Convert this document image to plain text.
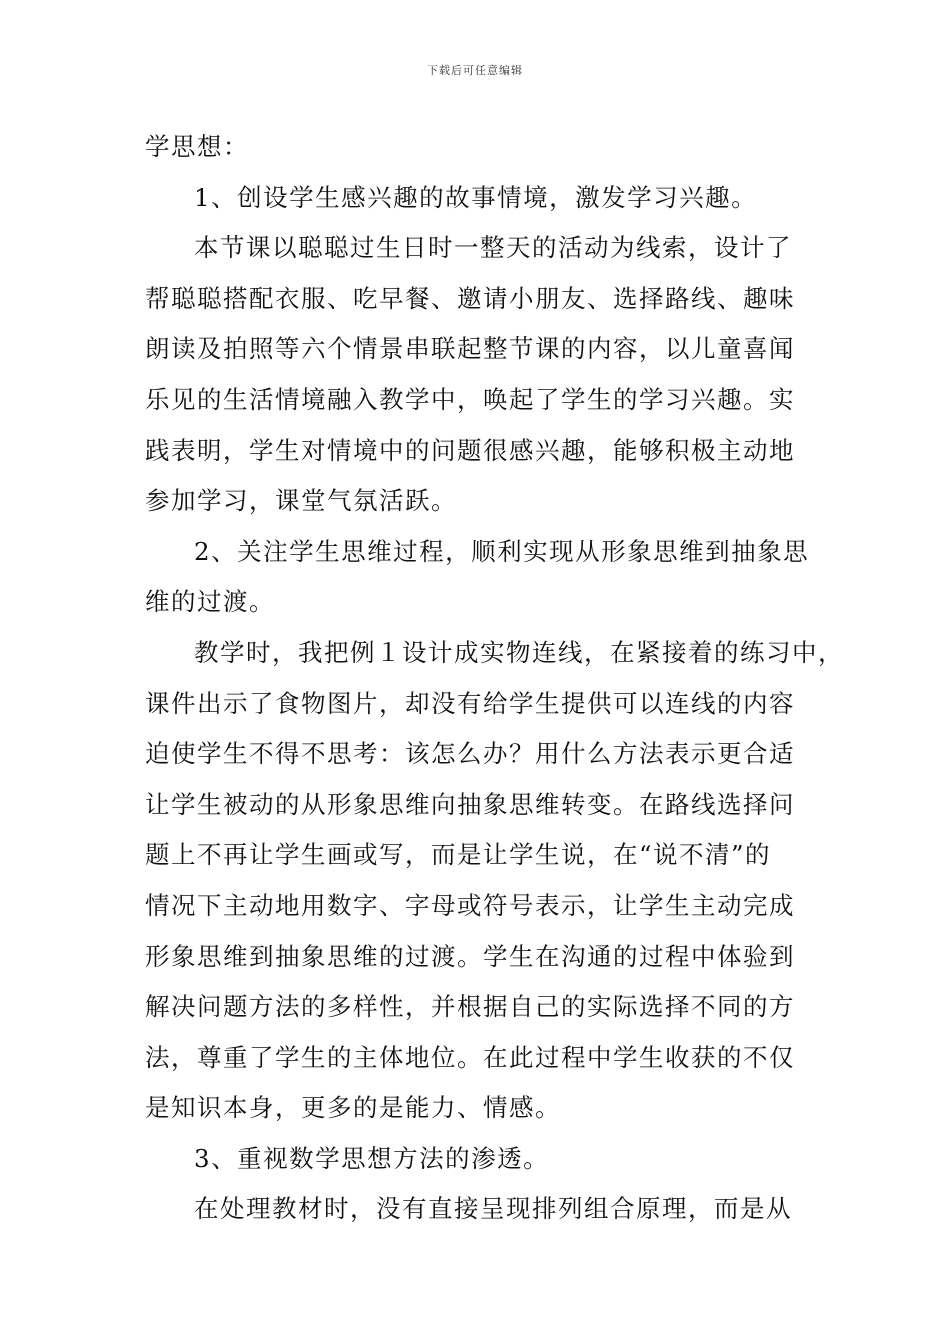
下载后可任意编辑
学思想：
1、创设学生感兴趣的故事情境，激发学习兴趣。
本节课以聪聪过生日时一整天的活动为线索，设计了
帮聪聪搭配衣服、吃早餐、邀请小朋友、选择路线、趣味
朗读及拍照等六个情景串联起整节课的内容，以儿童喜闻
乐见的生活情境融入教学中，唤起了学生的学习兴趣。实
践表明，学生对情境中的问题很感兴趣，能够积极主动地
参加学习，课堂气氛活跃。
2、关注学生思维过程，顺利实现从形象思维到抽象思
维的过渡。
教学时，我把例１设计成实物连线，在紧接着的练习中，
课件出示了食物图片，却没有给学生提供可以连线的内容
迫使学生不得不思考：该怎么办？用什么方法表示更合适
让学生被动的从形象思维向抽象思维转变。在路线选择问
题上不再让学生画或写，而是让学生说，在“说不清”的
情况下主动地用数字、字母或符号表示，让学生主动完成
形象思维到抽象思维的过渡。学生在沟通的过程中体验到
解决问题方法的多样性，并根据自己的实际选择不同的方
法，尊重了学生的主体地位。在此过程中学生收获的不仅
是知识本身，更多的是能力、情感。
3、重视数学思想方法的渗透。
在处理教材时，没有直接呈现排列组合原理，而是从
